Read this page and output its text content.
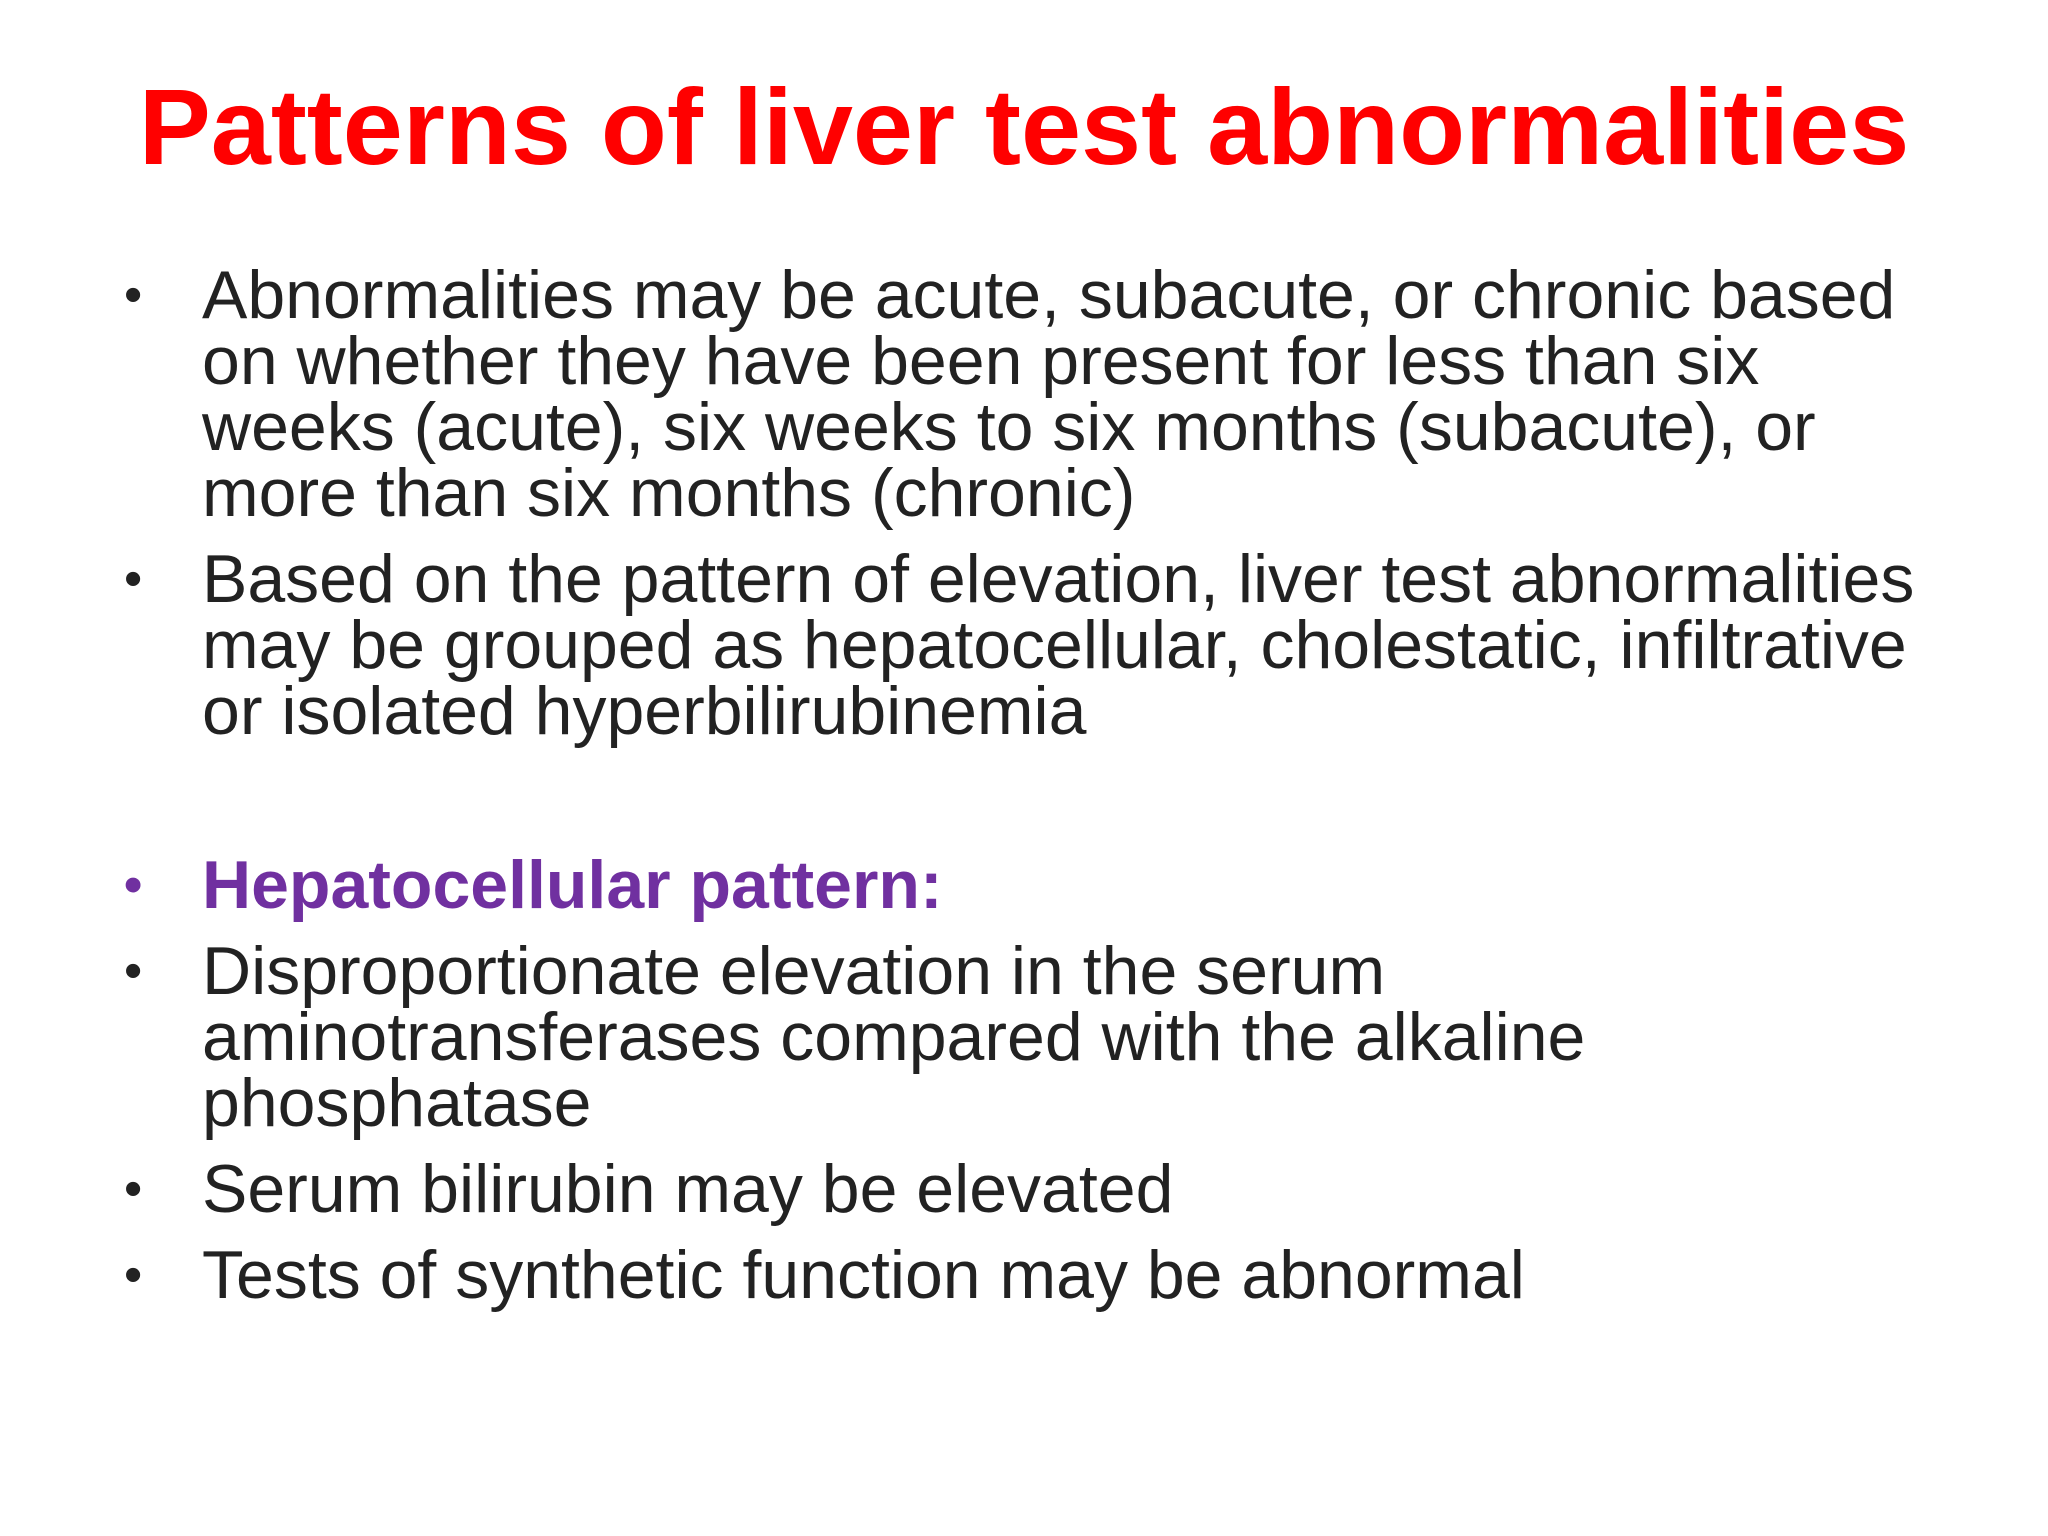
Patterns of liver test abnormalities
• Abnormalities may be acute, subacute, or chronic based on whether they have been present for less than six weeks (acute), six weeks to six months (subacute), or more than six months (chronic)
• Based on the pattern of elevation, liver test abnormalities may be grouped as hepatocellular, cholestatic, infiltrative or isolated hyperbilirubinemia
• Hepatocellular pattern:
• Disproportionate elevation in the serum aminotransferases compared with the alkaline phosphatase
• Serum bilirubin may be elevated
• Tests of synthetic function may be abnormal
